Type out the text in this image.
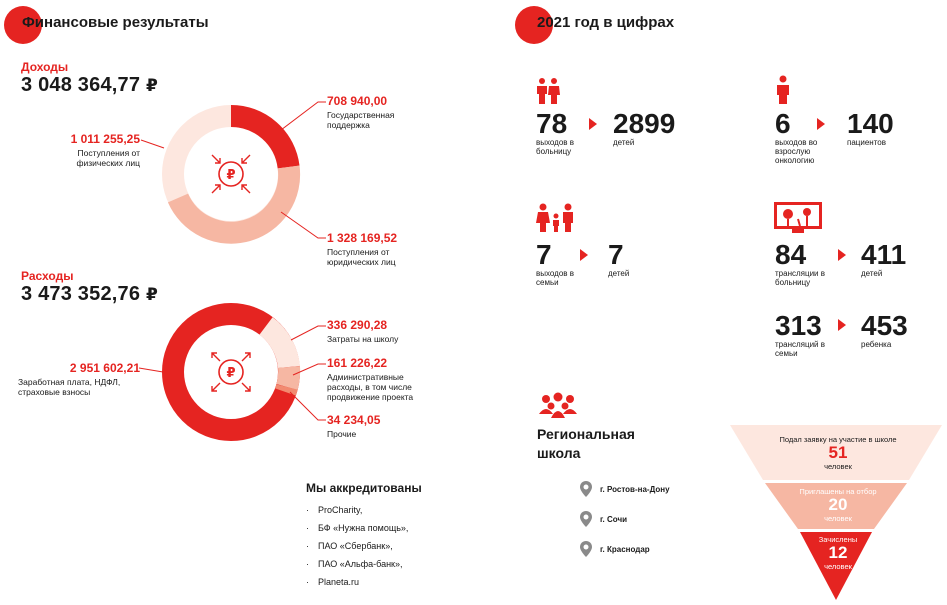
Финансовые результаты
Доходы
3 048 364,77 ₽
₽
708 940,00
Государственная поддержка
1 011 255,25
Поступления от физических лиц
1 328 169,52
Поступления от юридических лиц
Расходы
3 473 352,76 ₽
₽
336 290,28
Затраты на школу
161 226,22
Административные расходы, в том числе продвижение проекта
34 234,05
Прочие
2 951 602,21
Заработная плата, НДФЛ, страховые взносы
Мы аккредитованы
· ProCharity,
· БФ «Нужна помощь»,
· ПАО «Сбербанк»,
· ПАО «Альфа-банк»,
· Planeta.ru
2021 год в цифрах
78
выходов в больницу
2899
детей
6
выходов во взрослую онкологию
140
пациентов
7
выходов в семьи
7
детей
84
трансляции в больницу
411
детей
313
трансляций в семьи
453
ребенка
Региональная
школа
г. Ростов-на-Дону
г. Сочи
г. Краснодар
Подал заявку на участие в школе
51
человек
Приглашены на отбор
20
человек
Зачислены
12
человек
